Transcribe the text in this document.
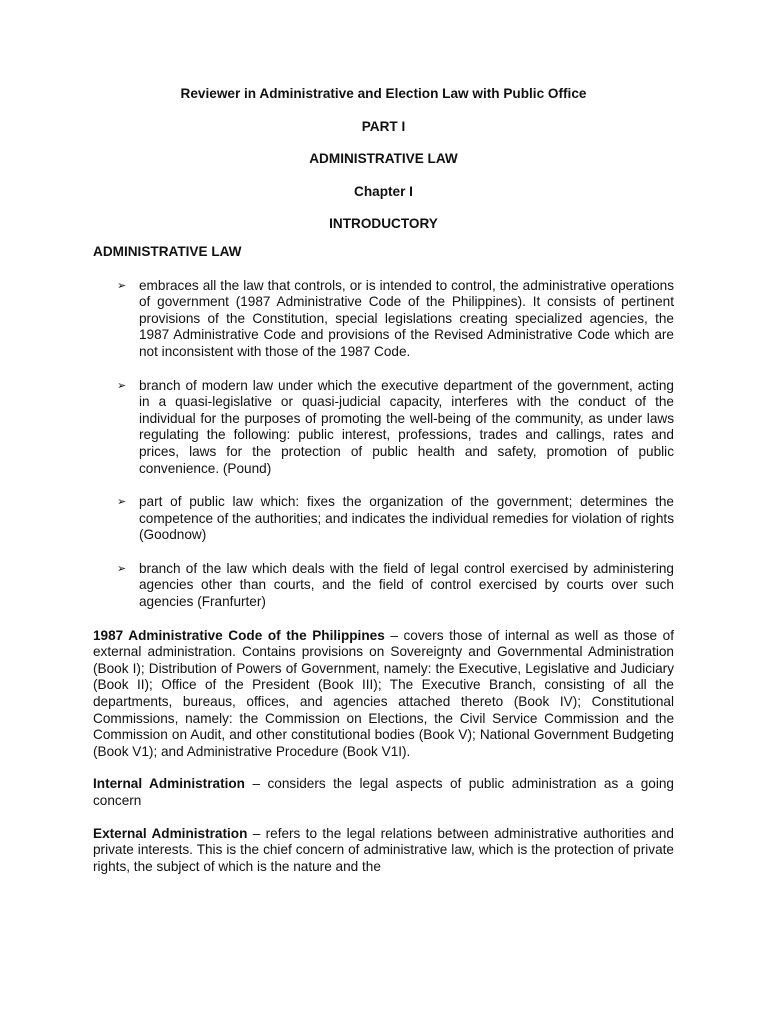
Reviewer in Administrative and Election Law with Public Office

PART I

ADMINISTRATIVE LAW

Chapter I

INTRODUCTORY

ADMINISTRATIVE LAW

➢ embraces all the law that controls, or is intended to control, the administrative operations of government (1987 Administrative Code of the Philippines). It consists of pertinent provisions of the Constitution, special legislations creating specialized agencies, the 1987 Administrative Code and provisions of the Revised Administrative Code which are not inconsistent with those of the 1987 Code.
➢ branch of modern law under which the executive department of the government, acting in a quasi-legislative or quasi-judicial capacity, interferes with the conduct of the individual for the purposes of promoting the well-being of the community, as under laws regulating the following: public interest, professions, trades and callings, rates and prices, laws for the protection of public health and safety, promotion of public convenience. (Pound)
➢ part of public law which: fixes the organization of the government; determines the competence of the authorities; and indicates the individual remedies for violation of rights (Goodnow)
➢ branch of the law which deals with the field of legal control exercised by administering agencies other than courts, and the field of control exercised by courts over such agencies (Franfurter)

1987 Administrative Code of the Philippines – covers those of internal as well as those of external administration. Contains provisions on Sovereignty and Governmental Administration (Book I); Distribution of Powers of Government, namely: the Executive, Legislative and Judiciary (Book II); Office of the President (Book III); The Executive Branch, consisting of all the departments, bureaus, offices, and agencies attached thereto (Book IV); Constitutional Commissions, namely: the Commission on Elections, the Civil Service Commission and the Commission on Audit, and other constitutional bodies (Book V); National Government Budgeting (Book V1); and Administrative Procedure (Book V1I).

Internal Administration – considers the legal aspects of public administration as a going concern

External Administration – refers to the legal relations between administrative authorities and private interests. This is the chief concern of administrative law, which is the protection of private rights, the subject of which is the nature and the
